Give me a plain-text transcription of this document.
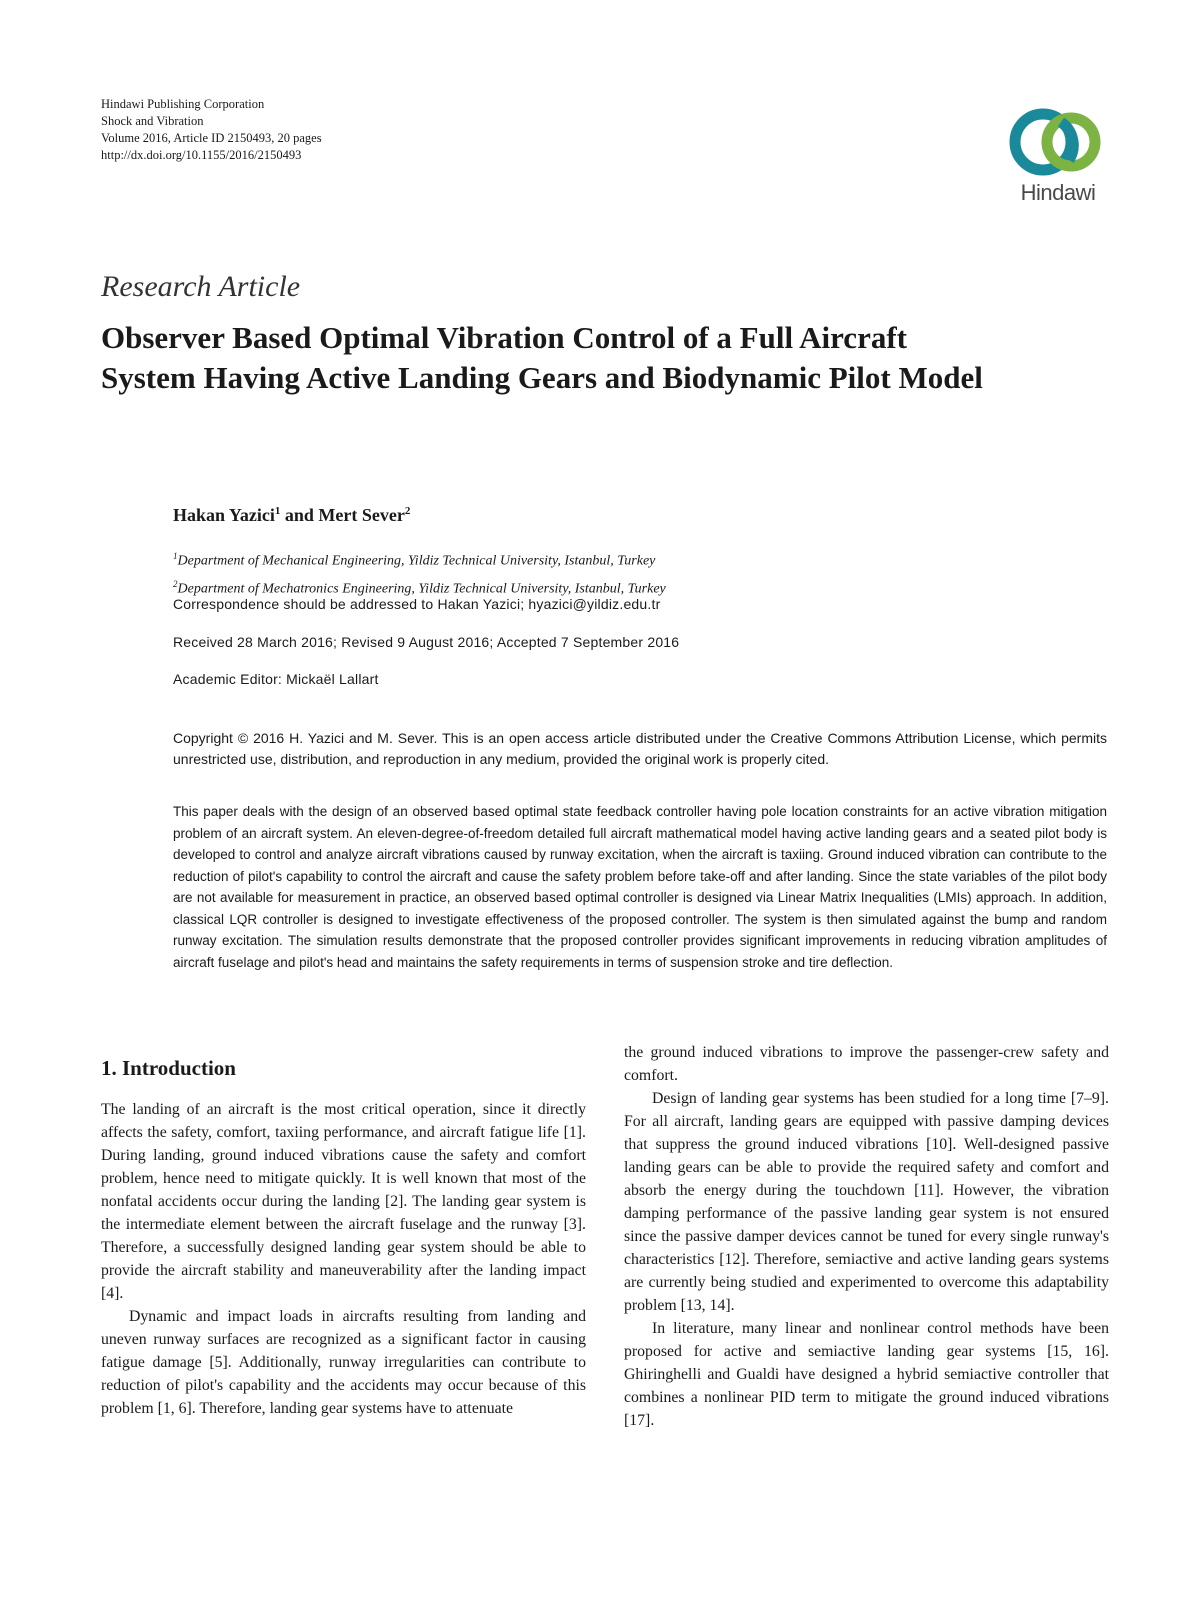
Hindawi Publishing Corporation
Shock and Vibration
Volume 2016, Article ID 2150493, 20 pages
http://dx.doi.org/10.1155/2016/2150493
Hindawi
Research Article
Observer Based Optimal Vibration Control of a Full Aircraft System Having Active Landing Gears and Biodynamic Pilot Model
Hakan Yazici$^1$ and Mert Sever$^2$
$^1$Department of Mechanical Engineering, Yildiz Technical University, Istanbul, Turkey
$^2$Department of Mechatronics Engineering, Yildiz Technical University, Istanbul, Turkey
Correspondence should be addressed to Hakan Yazici; hyazici@yildiz.edu.tr
Received 28 March 2016; Revised 9 August 2016; Accepted 7 September 2016
Academic Editor: Mickaël Lallart
Copyright © 2016 H. Yazici and M. Sever. This is an open access article distributed under the Creative Commons Attribution License, which permits unrestricted use, distribution, and reproduction in any medium, provided the original work is properly cited.
This paper deals with the design of an observed based optimal state feedback controller having pole location constraints for an active vibration mitigation problem of an aircraft system. An eleven-degree-of-freedom detailed full aircraft mathematical model having active landing gears and a seated pilot body is developed to control and analyze aircraft vibrations caused by runway excitation, when the aircraft is taxiing. Ground induced vibration can contribute to the reduction of pilot's capability to control the aircraft and cause the safety problem before take-off and after landing. Since the state variables of the pilot body are not available for measurement in practice, an observed based optimal controller is designed via Linear Matrix Inequalities (LMIs) approach. In addition, classical LQR controller is designed to investigate effectiveness of the proposed controller. The system is then simulated against the bump and random runway excitation. The simulation results demonstrate that the proposed controller provides significant improvements in reducing vibration amplitudes of aircraft fuselage and pilot's head and maintains the safety requirements in terms of suspension stroke and tire deflection.
1. Introduction

The landing of an aircraft is the most critical operation, since it directly affects the safety, comfort, taxiing performance, and aircraft fatigue life [1]. During landing, ground induced vibrations cause the safety and comfort problem, hence need to mitigate quickly. It is well known that most of the nonfatal accidents occur during the landing [2]. The landing gear system is the intermediate element between the aircraft fuselage and the runway [3]. Therefore, a successfully designed landing gear system should be able to provide the aircraft stability and maneuverability after the landing impact [4].

Dynamic and impact loads in aircrafts resulting from landing and uneven runway surfaces are recognized as a significant factor in causing fatigue damage [5]. Additionally, runway irregularities can contribute to reduction of pilot's capability and the accidents may occur because of this problem [1, 6]. Therefore, landing gear systems have to attenuate

the ground induced vibrations to improve the passenger-crew safety and comfort.

Design of landing gear systems has been studied for a long time [7–9]. For all aircraft, landing gears are equipped with passive damping devices that suppress the ground induced vibrations [10]. Well-designed passive landing gears can be able to provide the required safety and comfort and absorb the energy during the touchdown [11]. However, the vibration damping performance of the passive landing gear system is not ensured since the passive damper devices cannot be tuned for every single runway's characteristics [12]. Therefore, semiactive and active landing gears systems are currently being studied and experimented to overcome this adaptability problem [13, 14].

In literature, many linear and nonlinear control methods have been proposed for active and semiactive landing gear systems [15, 16]. Ghiringhelli and Gualdi have designed a hybrid semiactive controller that combines a nonlinear PID term to mitigate the ground induced vibrations [17].
